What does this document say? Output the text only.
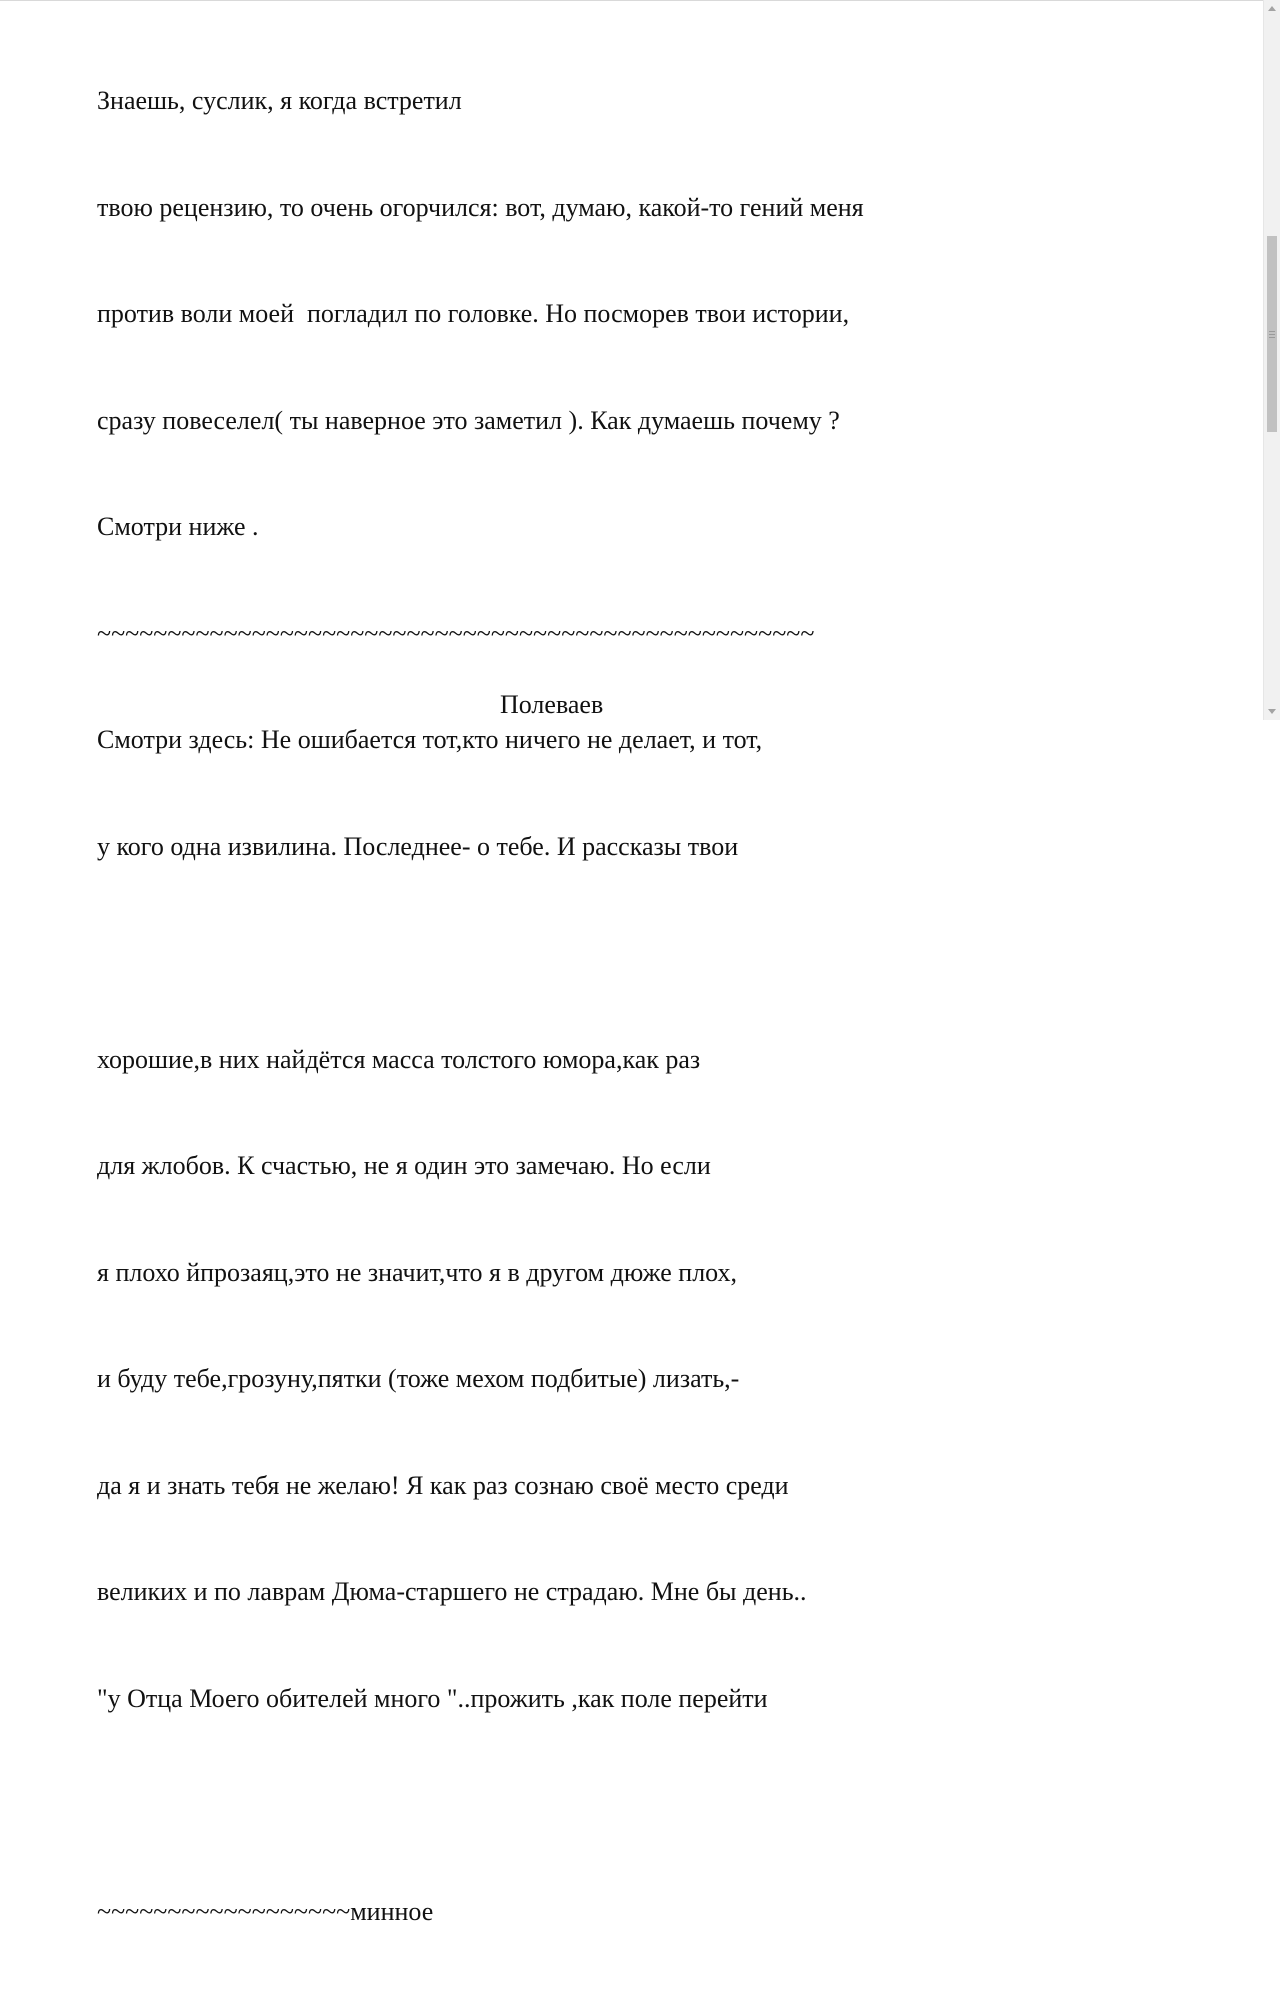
Знаешь, суслик, я когда встретил

твою рецензию, то очень огорчился: вот, думаю, какой-то гений меня

против воли моей  погладил по головке. Но посморев твои истории,

сразу повеселел( ты наверное это заметил ). Как думаешь почему ?

Смотри ниже .

~~~~~~~~~~~~~~~~~~~~~~~~~~~~~~~~~~~~~~~~~~~~~~~~~~~

Смотри здесь: Не ошибается тот,кто ничего не делает, и тот,

у кого одна извилина. Последнее- о тебе. И рассказы твои

хорошие,в них найдётся масса толстого юмора,как раз

для жлобов. К счастью, не я один это замечаю. Но если

я плохо йпрозаяц,это не значит,что я в другом дюже плох,

и буду тебе,грозуну,пятки (тоже мехом подбитые) лизать,-

да я и знать тебя не желаю! Я как раз сознаю своё место среди

великих и по лаврам Дюма-старшего не страдаю. Мне бы день..

"у Отца Моего обителей много "..прожить ,как поле перейти

~~~~~~~~~~~~~~~~~~минное

Полеваев
